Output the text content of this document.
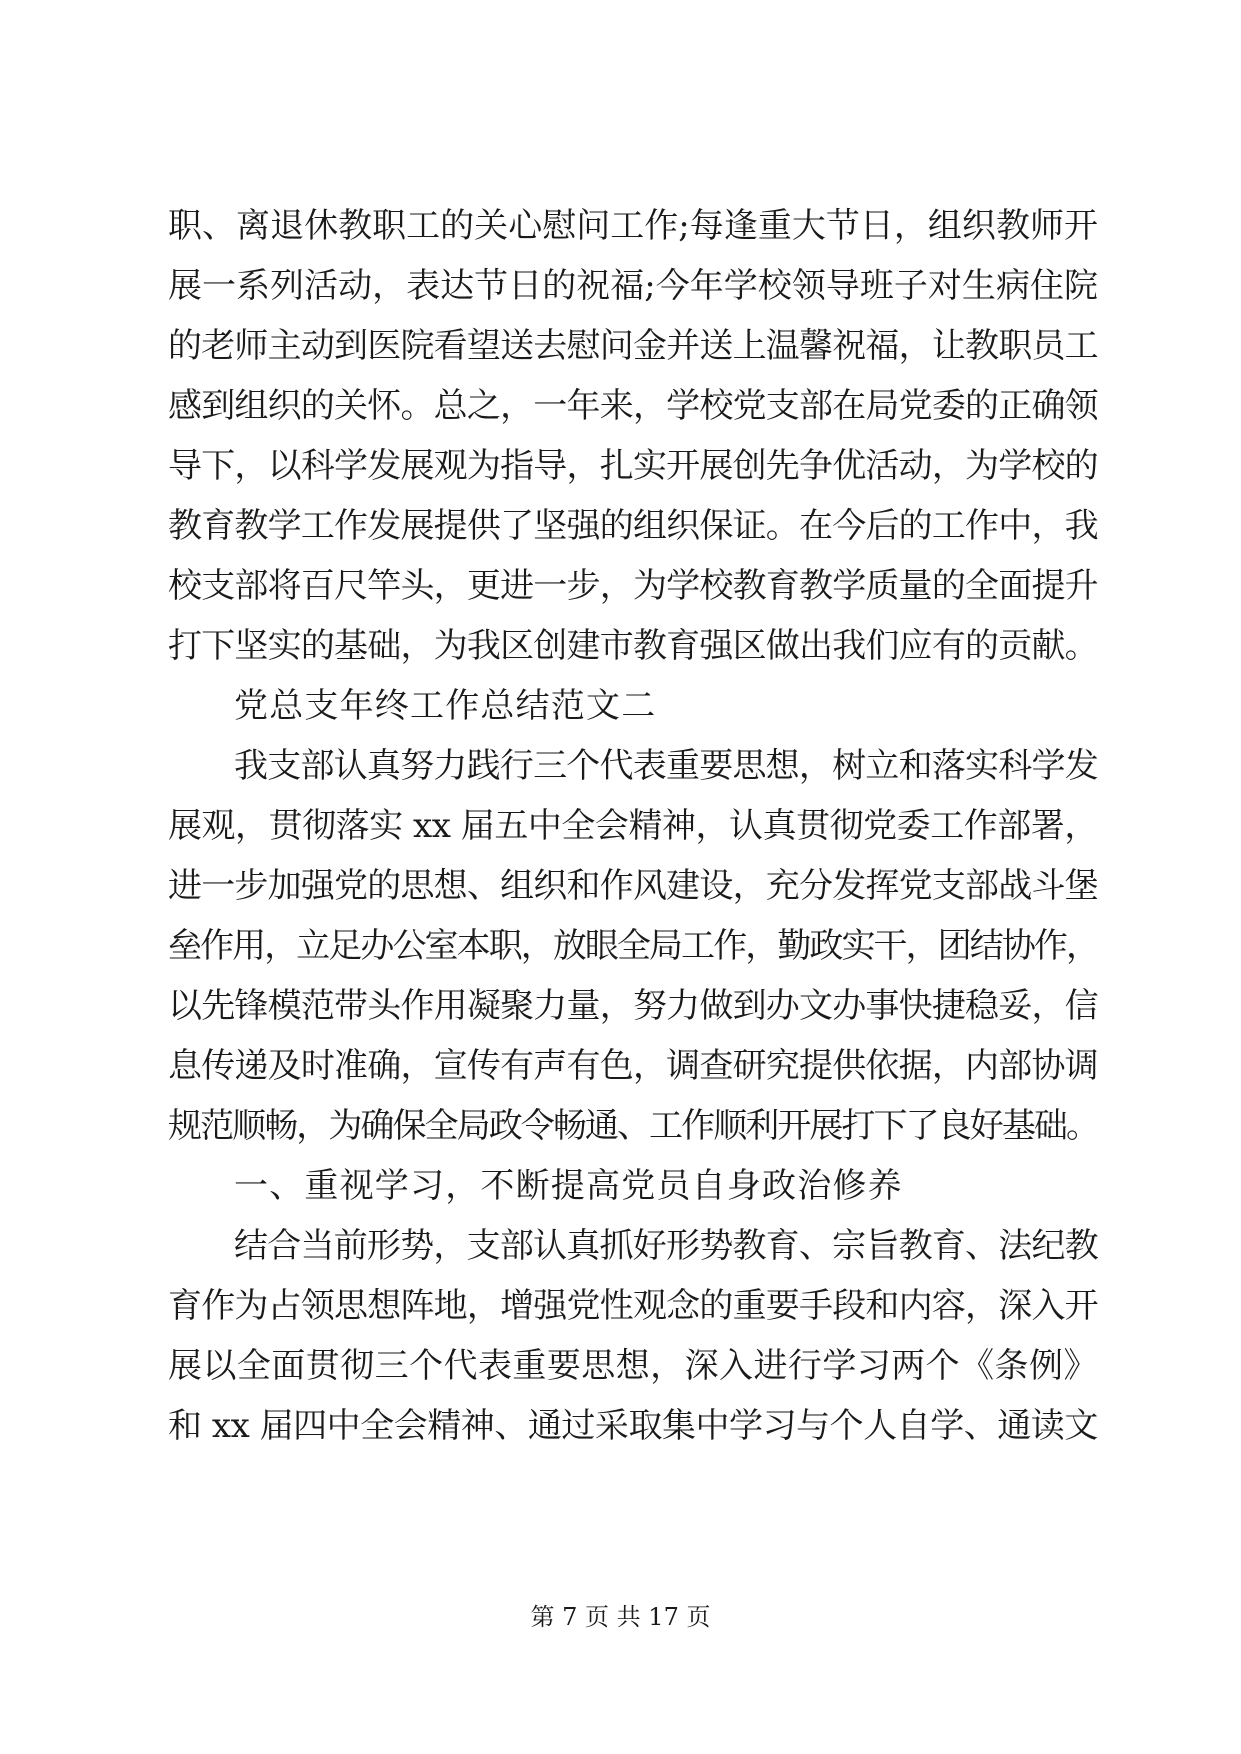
职、离退休教职工的关心慰问工作;每逢重大节日，组织教师开
展一系列活动，表达节日的祝福;今年学校领导班子对生病住院
的老师主动到医院看望送去慰问金并送上温馨祝福，让教职员工
感到组织的关怀。总之，一年来，学校党支部在局党委的正确领
导下，以科学发展观为指导，扎实开展创先争优活动，为学校的
教育教学工作发展提供了坚强的组织保证。在今后的工作中，我
校支部将百尺竿头，更进一步，为学校教育教学质量的全面提升
打下坚实的基础，为我区创建市教育强区做出我们应有的贡献。
党总支年终工作总结范文二
我支部认真努力践行三个代表重要思想，树立和落实科学发
展观，贯彻落实 xx 届五中全会精神，认真贯彻党委工作部署，
进一步加强党的思想、组织和作风建设，充分发挥党支部战斗堡
垒作用，立足办公室本职，放眼全局工作，勤政实干，团结协作，
以先锋模范带头作用凝聚力量，努力做到办文办事快捷稳妥，信
息传递及时准确，宣传有声有色，调查研究提供依据，内部协调
规范顺畅，为确保全局政令畅通、工作顺利开展打下了良好基础。
一、重视学习，不断提高党员自身政治修养
结合当前形势，支部认真抓好形势教育、宗旨教育、法纪教
育作为占领思想阵地，增强党性观念的重要手段和内容，深入开
展以全面贯彻三个代表重要思想，深入进行学习两个《条例》
和 xx 届四中全会精神、通过采取集中学习与个人自学、通读文
第 7 页 共 17 页
